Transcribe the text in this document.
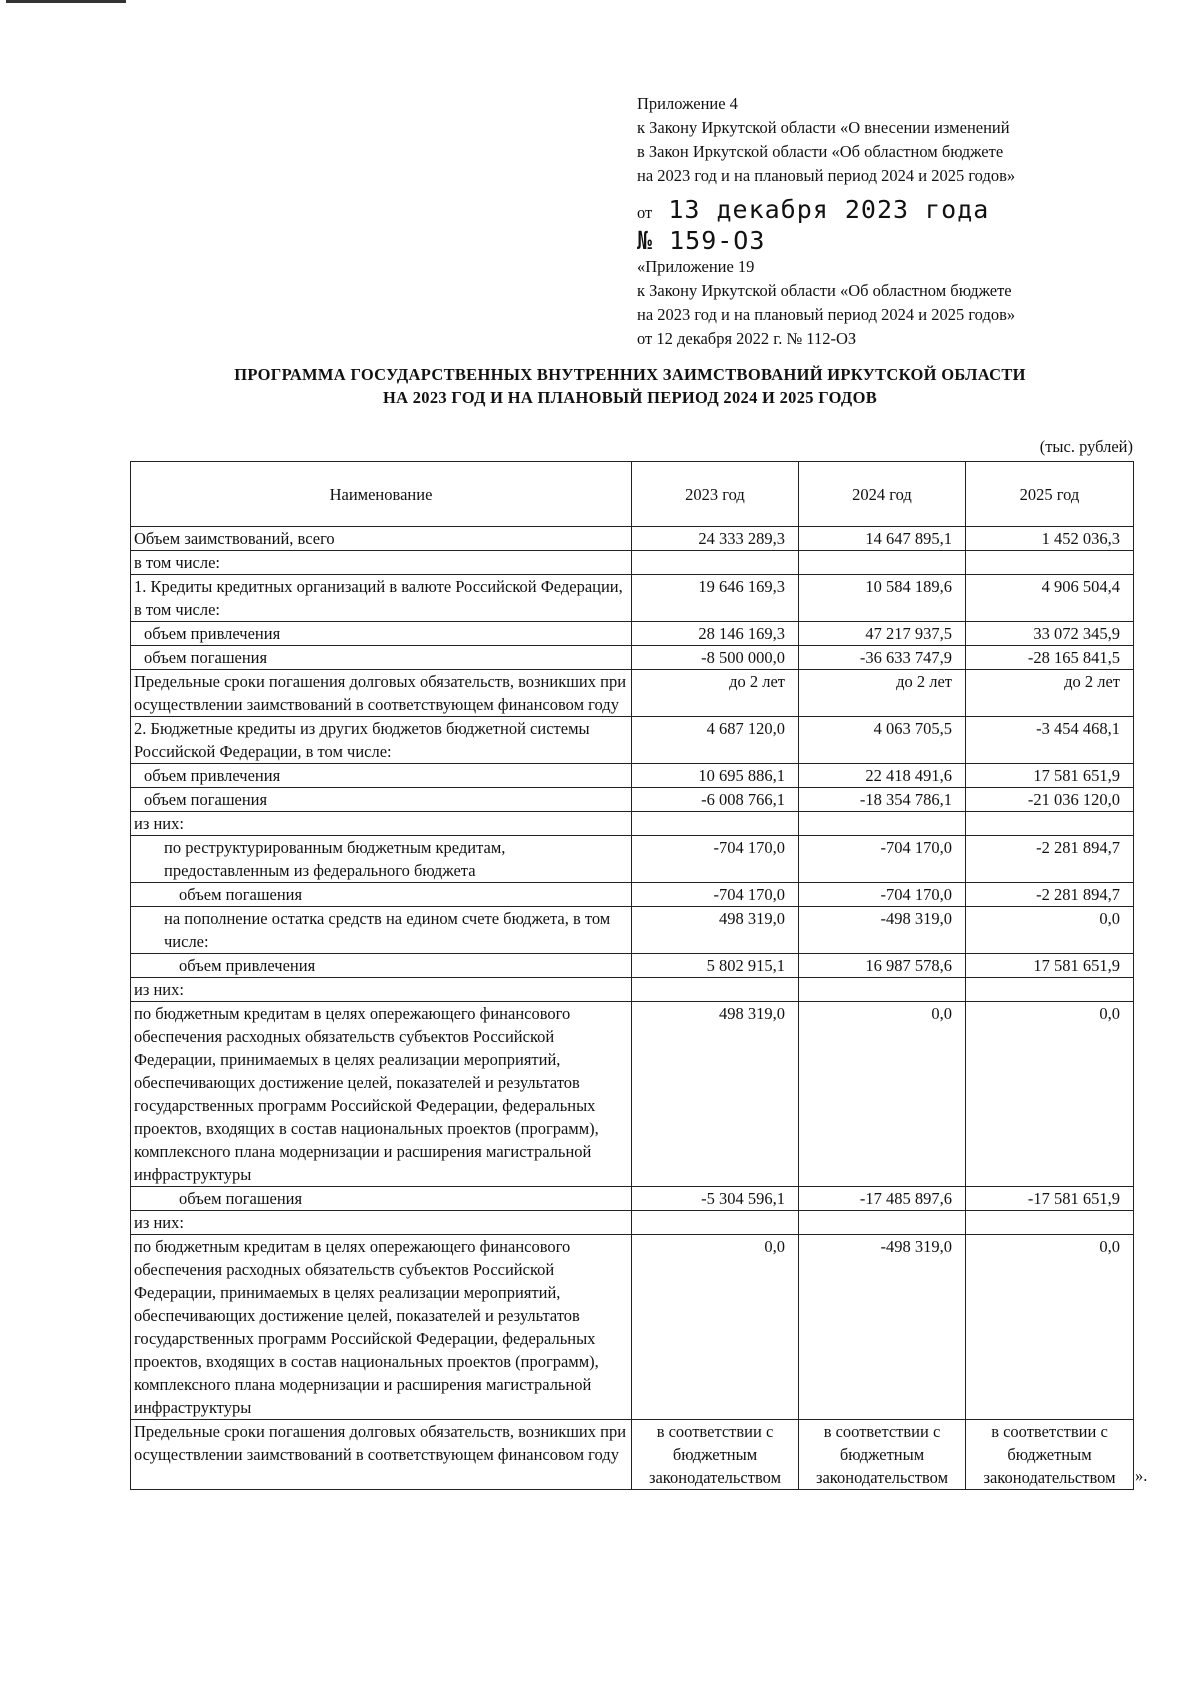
Приложение 4
к Закону Иркутской области «О внесении изменений
в Закон Иркутской области «Об областном бюджете
на 2023 год и на плановый период 2024 и 2025 годов»
от 13 декабря 2023 года
№ 159-ОЗ
«Приложение 19
к Закону Иркутской области «Об областном бюджете
на 2023 год и на плановый период 2024 и 2025 годов»
от 12 декабря 2022 г. № 112-ОЗ
ПРОГРАММА ГОСУДАРСТВЕННЫХ ВНУТРЕННИХ ЗАИМСТВОВАНИЙ ИРКУТСКОЙ ОБЛАСТИ
НА 2023 ГОД И НА ПЛАНОВЫЙ ПЕРИОД 2024 И 2025 ГОДОВ
(тыс. рублей)
Наименование	2023 год	2024 год	2025 год
Объем заимствований, всего	24 333 289,3	14 647 895,1	1 452 036,3
в том числе:			
1. Кредиты кредитных организаций в валюте Российской Федерации, в том числе:	19 646 169,3	10 584 189,6	4 906 504,4
объем привлечения	28 146 169,3	47 217 937,5	33 072 345,9
объем погашения	-8 500 000,0	-36 633 747,9	-28 165 841,5
Предельные сроки погашения долговых обязательств, возникших при осуществлении заимствований в соответствующем финансовом году	до 2 лет	до 2 лет	до 2 лет
2. Бюджетные кредиты из других бюджетов бюджетной системы Российской Федерации, в том числе:	4 687 120,0	4 063 705,5	-3 454 468,1
объем привлечения	10 695 886,1	22 418 491,6	17 581 651,9
объем погашения	-6 008 766,1	-18 354 786,1	-21 036 120,0
из них:			
по реструктурированным бюджетным кредитам, предоставленным из федерального бюджета	-704 170,0	-704 170,0	-2 281 894,7
объем погашения	-704 170,0	-704 170,0	-2 281 894,7
на пополнение остатка средств на едином счете бюджета, в том числе:	498 319,0	-498 319,0	0,0
объем привлечения	5 802 915,1	16 987 578,6	17 581 651,9
из них:			
по бюджетным кредитам в целях опережающего финансового обеспечения расходных обязательств субъектов Российской Федерации, принимаемых в целях реализации мероприятий, обеспечивающих достижение целей, показателей и результатов государственных программ Российской Федерации, федеральных проектов, входящих в состав национальных проектов (программ), комплексного плана модернизации и расширения магистральной инфраструктуры	498 319,0	0,0	0,0
объем погашения	-5 304 596,1	-17 485 897,6	-17 581 651,9
из них:			
по бюджетным кредитам в целях опережающего финансового обеспечения расходных обязательств субъектов Российской Федерации, принимаемых в целях реализации мероприятий, обеспечивающих достижение целей, показателей и результатов государственных программ Российской Федерации, федеральных проектов, входящих в состав национальных проектов (программ), комплексного плана модернизации и расширения магистральной инфраструктуры	0,0	-498 319,0	0,0
Предельные сроки погашения долговых обязательств, возникших при осуществлении заимствований в соответствующем финансовом году	в соответствии с бюджетным законодательством	в соответствии с бюджетным законодательством	в соответствии с бюджетным законодательством ».
